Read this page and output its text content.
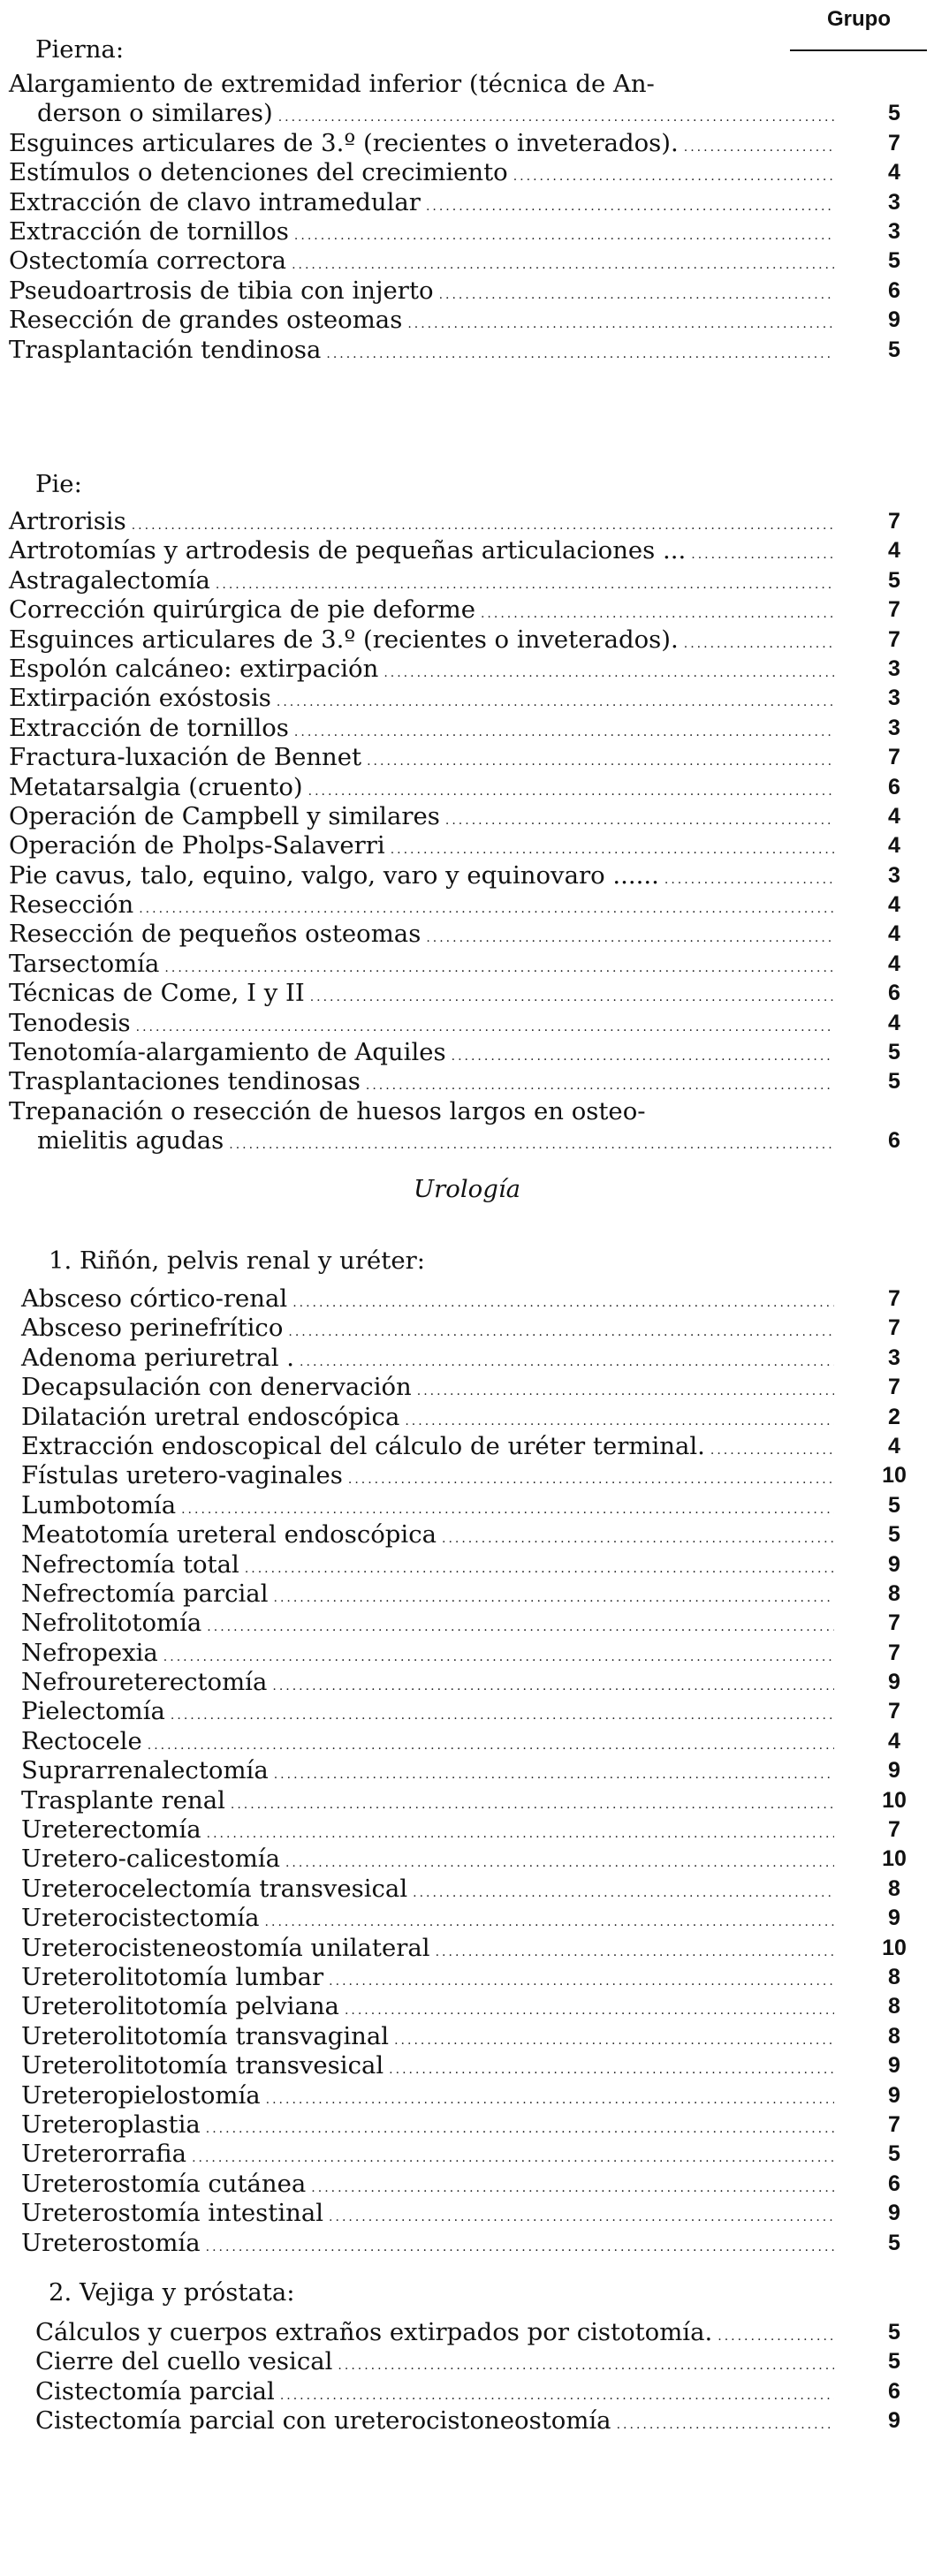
Grupo
Pierna:
Alargamiento de extremidad inferior (técnica de An-
derson o similares) .....	5
Esguinces articulares de 3.º (recientes o inveterados). .....	7
Estímulos o detenciones del crecimiento .....	4
Extracción de clavo intramedular .....	3
Extracción de tornillos .....	3
Ostectomía correctora .....	5
Pseudoartrosis de tibia con injerto .....	6
Resección de grandes osteomas .....	9
Trasplantación tendinosa .....	5
Pie:
Artrorisis .....	7
Artrotomías y artrodesis de pequeñas articulaciones ... .....	4
Astragalectomía .....	5
Corrección quirúrgica de pie deforme .....	7
Esguinces articulares de 3.º (recientes o inveterados). .....	7
Espolón calcáneo: extirpación .....	3
Extirpación exóstosis .....	3
Extracción de tornillos .....	3
Fractura-luxación de Bennet .....	7
Metatarsalgia (cruento) .....	6
Operación de Campbell y similares .....	4
Operación de Pholps-Salaverri .....	4
Pie cavus, talo, equino, valgo, varo y equinovaro ...... .....	3
Resección .....	4
Resección de pequeños osteomas .....	4
Tarsectomía .....	4
Técnicas de Come, I y II .....	6
Tenodesis .....	4
Tenotomía-alargamiento de Aquiles .....	5
Trasplantaciones tendinosas .....	5
Trepanación o resección de huesos largos en osteo-
mielitis agudas .....	6
Urología
1. Riñón, pelvis renal y uréter:
Absceso córtico-renal .....	7
Absceso perinefrítico .....	7
Adenoma periuretral . .....	3
Decapsulación con denervación .....	7
Dilatación uretral endoscópica .....	2
Extracción endoscopical del cálculo de uréter terminal. .....	4
Fístulas uretero-vaginales .....	10
Lumbotomía .....	5
Meatotomía ureteral endoscópica .....	5
Nefrectomía total .....	9
Nefrectomía parcial .....	8
Nefrolitotomía .....	7
Nefropexia .....	7
Nefroureterectomía .....	9
Pielectomía .....	7
Rectocele .....	4
Suprarrenalectomía .....	9
Trasplante renal .....	10
Ureterectomía .....	7
Uretero-calicestomía .....	10
Ureterocelectomía transvesical .....	8
Ureterocistectomía .....	9
Ureterocisteneostomía unilateral .....	10
Ureterolitotomía lumbar .....	8
Ureterolitotomía pelviana .....	8
Ureterolitotomía transvaginal .....	8
Ureterolitotomía transvesical .....	9
Ureteropielostomía .....	9
Ureteroplastia .....	7
Ureterorrafia .....	5
Ureterostomía cutánea .....	6
Ureterostomía intestinal .....	9
Ureterostomía .....	5
2. Vejiga y próstata:
Cálculos y cuerpos extraños extirpados por cistotomía. .....	5
Cierre del cuello vesical .....	5
Cistectomía parcial .....	6
Cistectomía parcial con ureterocistoneostomía .....	9
